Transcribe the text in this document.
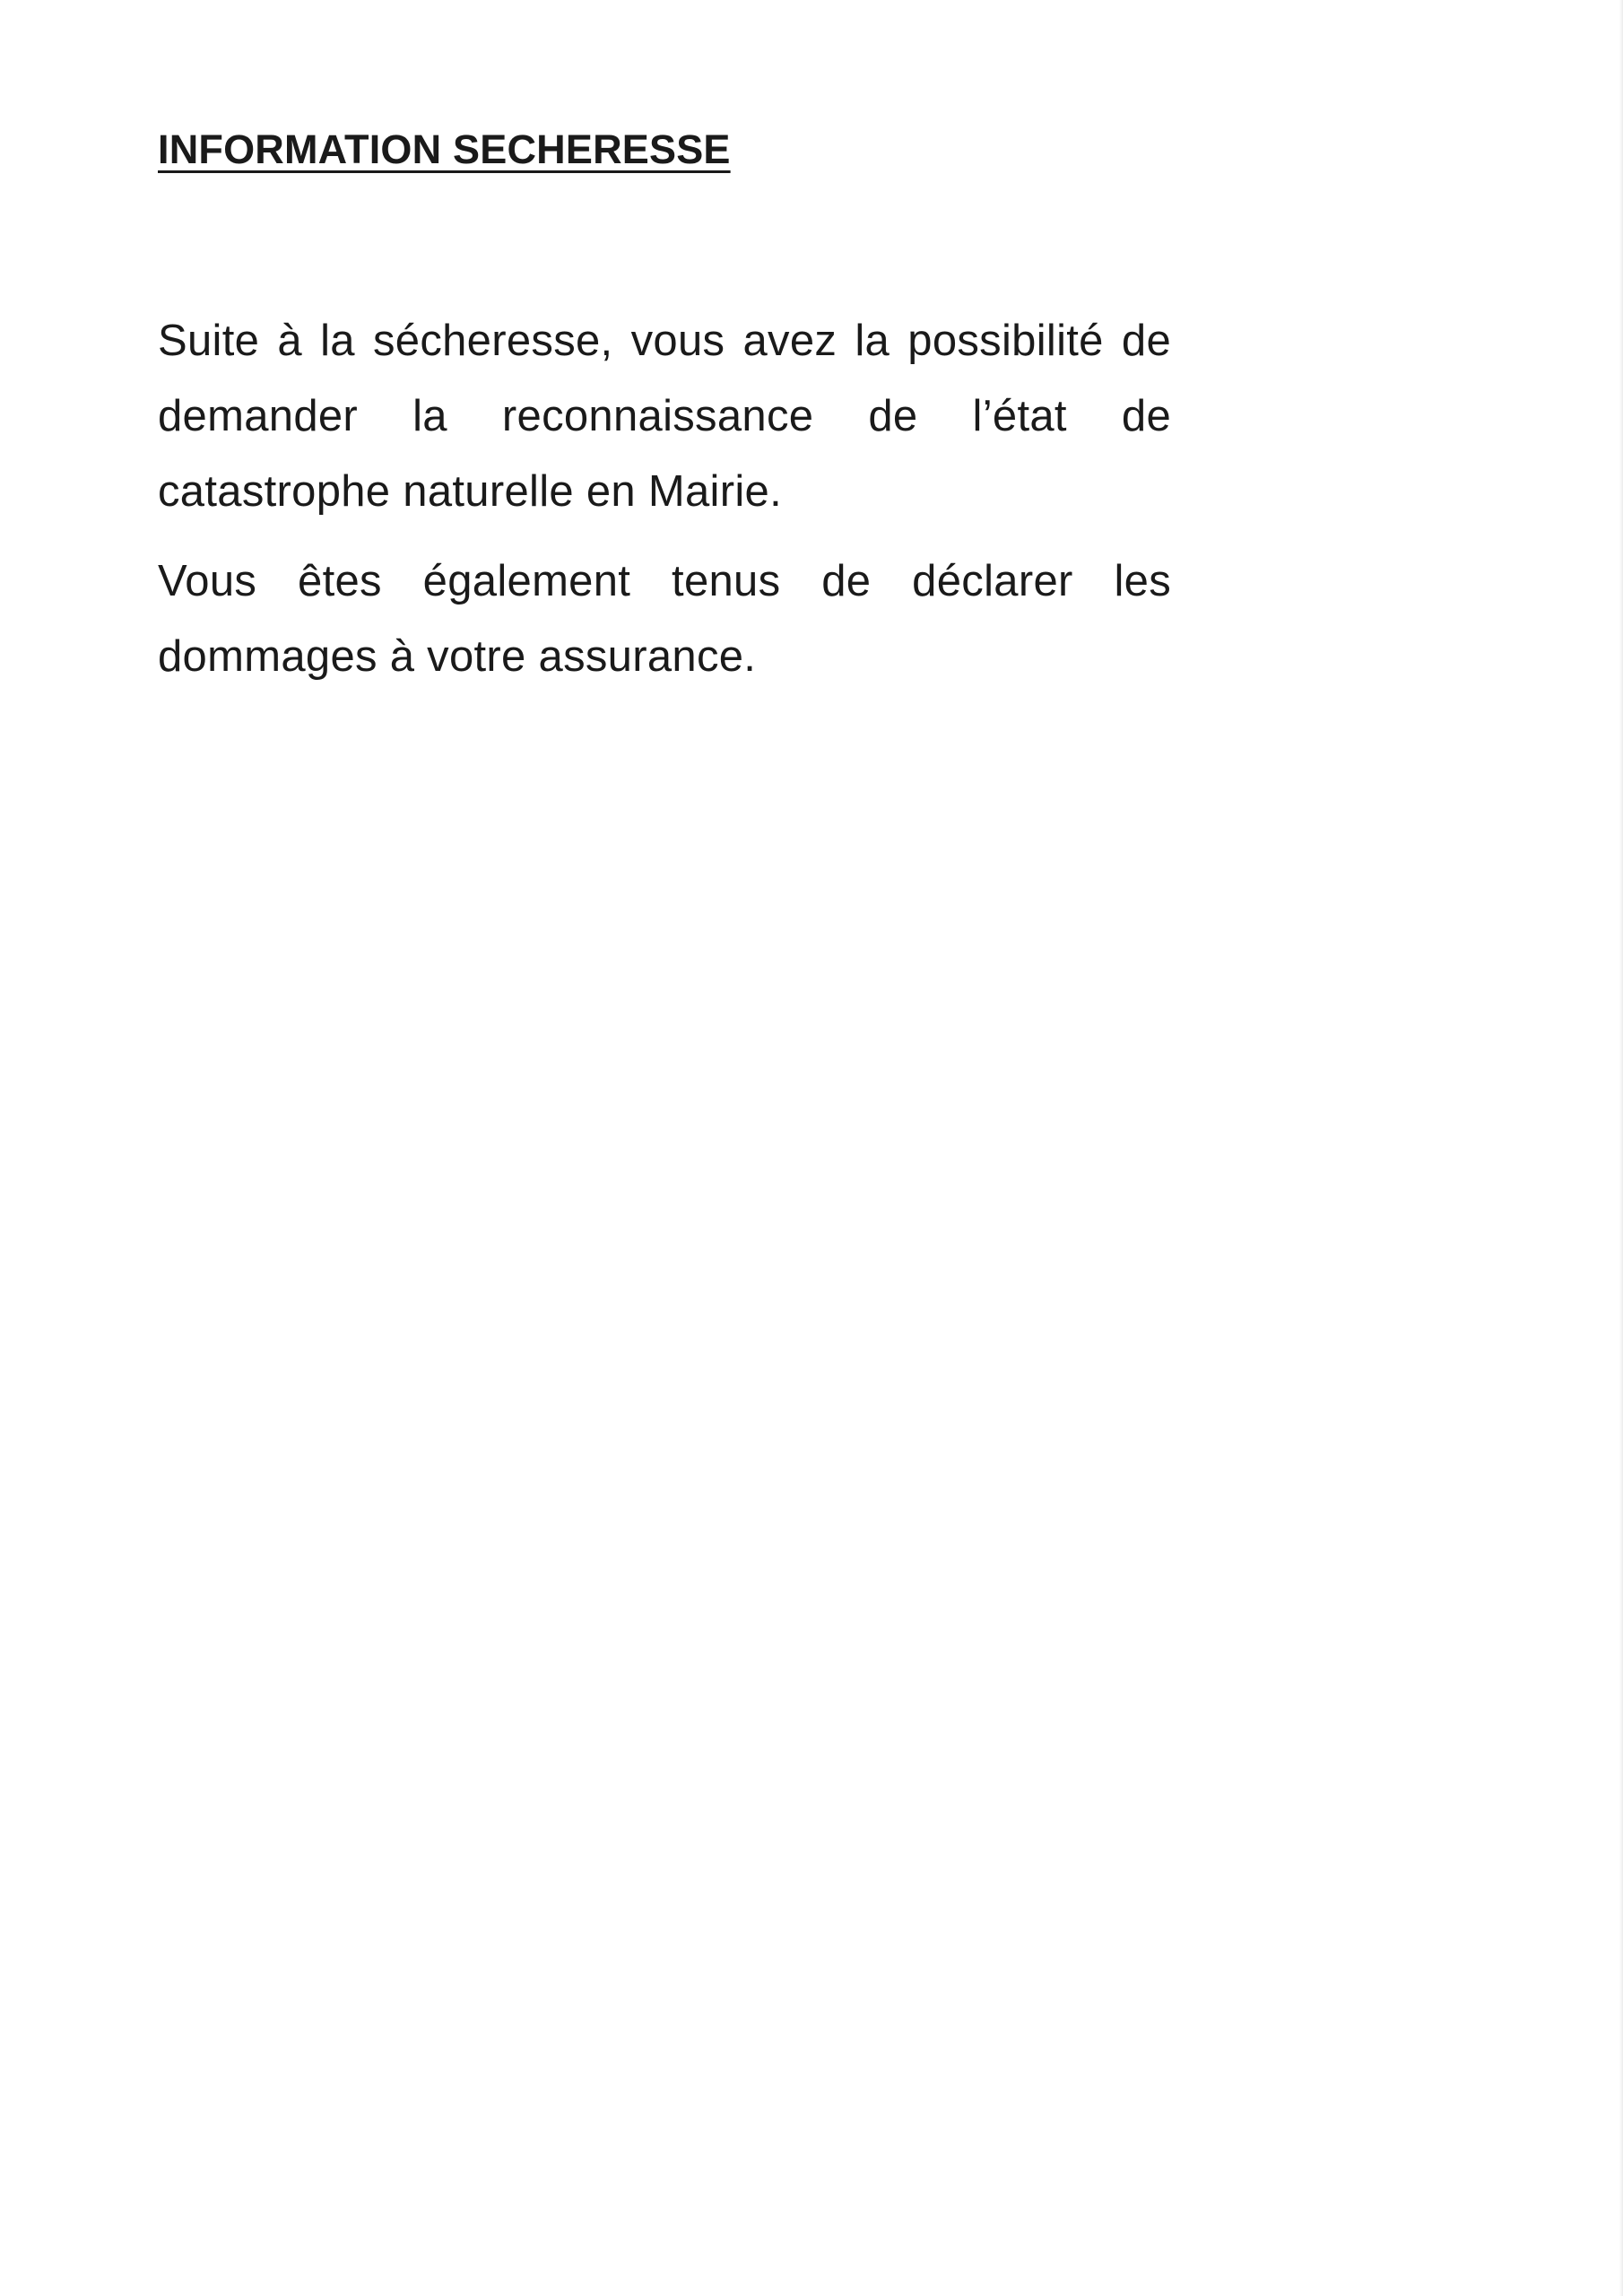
INFORMATION SECHERESSE

Suite à la sécheresse, vous avez la possibilité de demander la reconnaissance de l’état de catastrophe naturelle en Mairie.

Vous êtes également tenus de déclarer les dommages à votre assurance.
